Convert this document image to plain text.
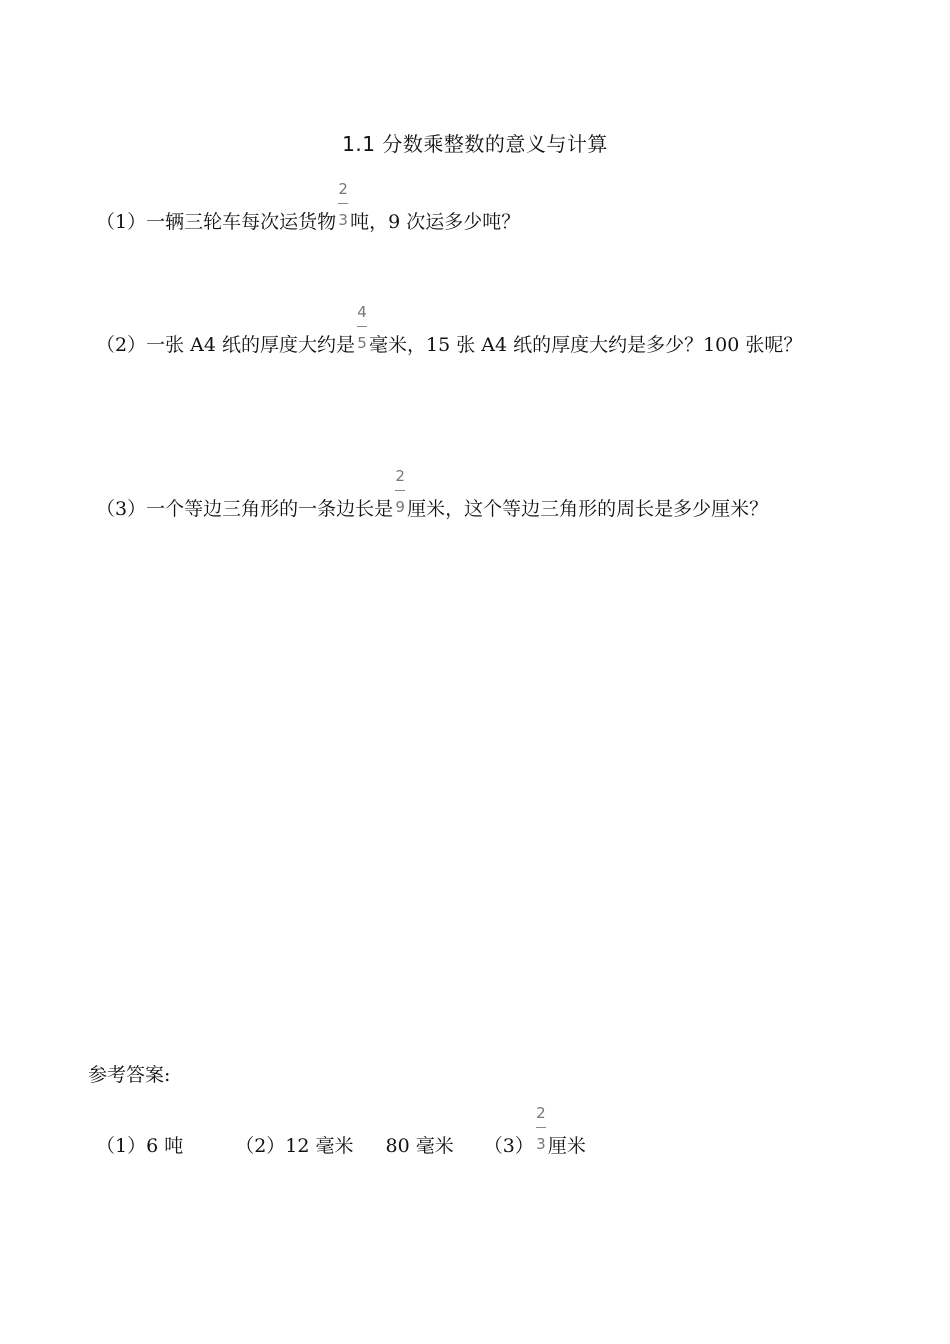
1.1 分数乘整数的意义与计算
（1）一辆三轮车每次运货物 $\frac{2}{3}$ 吨，9 次运多少吨？
（2）一张 A4 纸的厚度大约是 $\frac{4}{5}$ 毫米，15 张 A4 纸的厚度大约是多少？100 张呢？
（3）一个等边三角形的一条边长是 $\frac{2}{9}$ 厘米，这个等边三角形的周长是多少厘米？
参考答案:
（1）6 吨	（2）12 毫米 80 毫米 $(3) \frac{2}{3}$ 厘米
